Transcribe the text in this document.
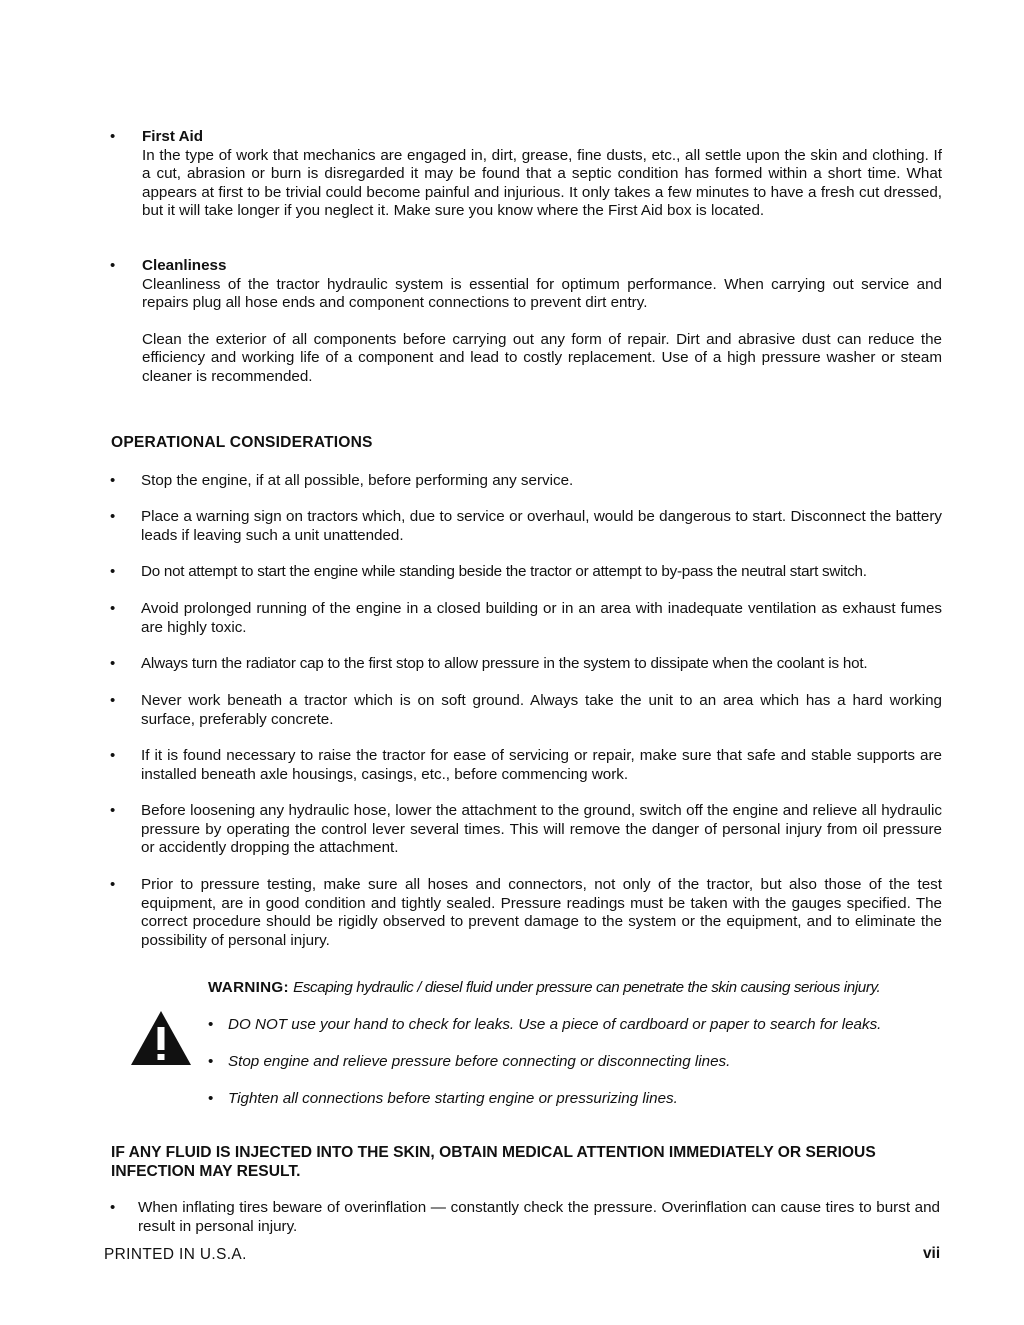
•	First Aid

In the type of work that mechanics are engaged in, dirt, grease, fine dusts, etc., all settle upon the skin and clothing. If a cut, abrasion or burn is disregarded it may be found that a septic condition has formed within a short time. What appears at first to be trivial could become painful and injurious. It only takes a few minutes to have a fresh cut dressed, but it will take longer if you neglect it. Make sure you know where the First Aid box is located.

•	Cleanliness

Cleanliness of the tractor hydraulic system is essential for optimum performance. When carrying out service and repairs plug all hose ends and component connections to prevent dirt entry.

Clean the exterior of all components before carrying out any form of repair. Dirt and abrasive dust can reduce the efficiency and working life of a component and lead to costly replacement. Use of a high pressure washer or steam cleaner is recommended.

OPERATIONAL CONSIDERATIONS
•	Stop the engine, if at all possible, before performing any service.

•	Place a warning sign on tractors which, due to service or overhaul, would be dangerous to start. Disconnect the battery leads if leaving such a unit unattended.

•	Do not attempt to start the engine while standing beside the tractor or attempt to by-pass the neutral start switch.

•	Avoid prolonged running of the engine in a closed building or in an area with inadequate ventilation as exhaust fumes are highly toxic.

•	Always turn the radiator cap to the first stop to allow pressure in the system to dissipate when the coolant is hot.

•	Never work beneath a tractor which is on soft ground. Always take the unit to an area which has a hard working surface, preferably concrete.

•	If it is found necessary to raise the tractor for ease of servicing or repair, make sure that safe and stable supports are installed beneath axle housings, casings, etc., before commencing work.

•	Before loosening any hydraulic hose, lower the attachment to the ground, switch off the engine and relieve all hydraulic pressure by operating the control lever several times. This will remove the danger of personal injury from oil pressure or accidently dropping the attachment.

•	Prior to pressure testing, make sure all hoses and connectors, not only of the tractor, but also those of the test equipment, are in good condition and tightly sealed. Pressure readings must be taken with the gauges specified. The correct procedure should be rigidly observed to prevent damage to the system or the equipment, and to eliminate the possibility of personal injury.

WARNING: Escaping hydraulic / diesel fluid under pressure can penetrate the skin causing serious injury.
• DO NOT use your hand to check for leaks. Use a piece of cardboard or paper to search for leaks.
• Stop engine and relieve pressure before connecting or disconnecting lines.
• Tighten all connections before starting engine or pressurizing lines.
IF ANY FLUID IS INJECTED INTO THE SKIN, OBTAIN MEDICAL ATTENTION IMMEDIATELY OR SERIOUS INFECTION MAY RESULT.
•	When inflating tires beware of overinflation — constantly check the pressure. Overinflation can cause tires to burst and result in personal injury.

PRINTED IN U.S.A.	vii
